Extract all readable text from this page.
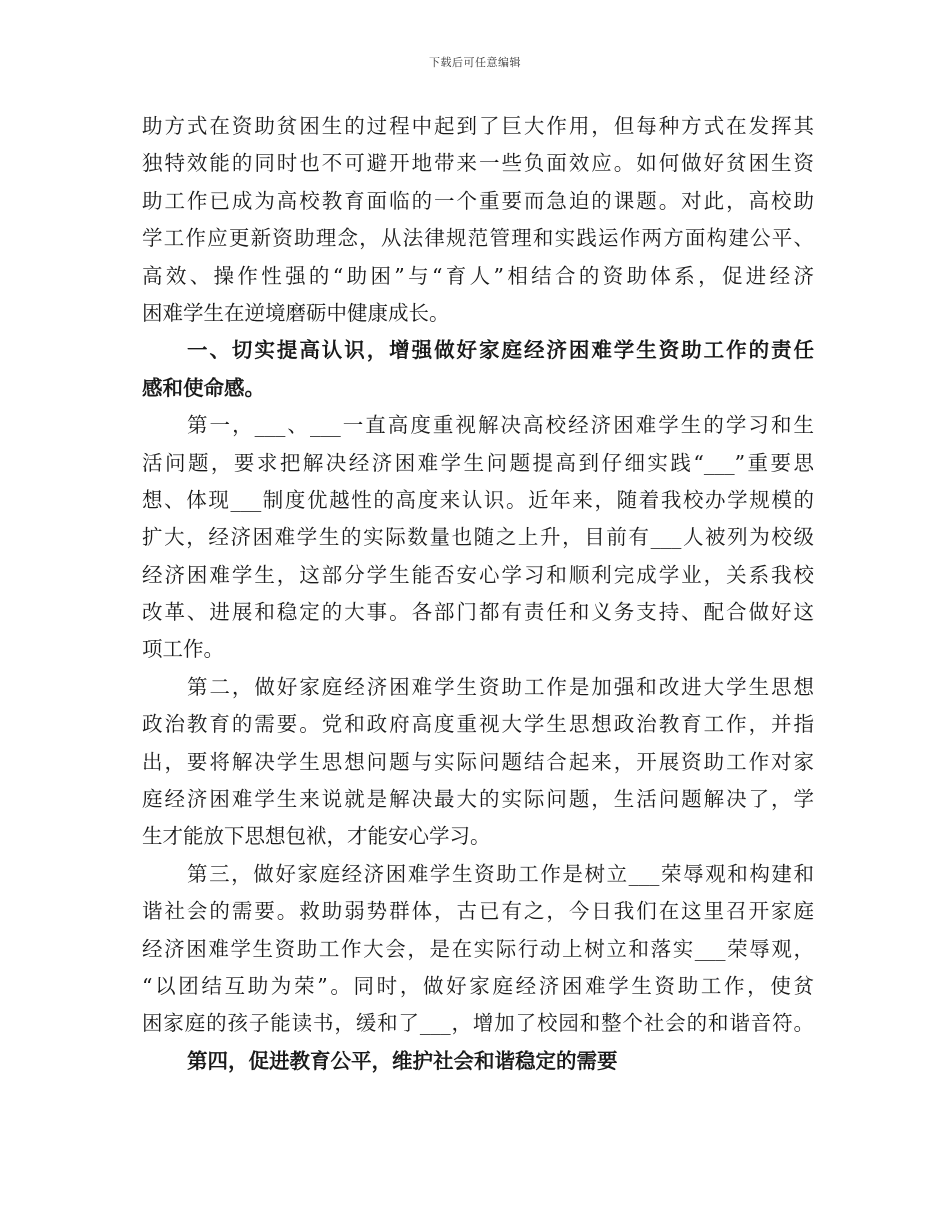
下载后可任意编辑
助方式在资助贫困生的过程中起到了巨大作用，但每种方式在发挥其
独特效能的同时也不可避开地带来一些负面效应。如何做好贫困生资
助工作已成为高校教育面临的一个重要而急迫的课题。对此，高校助
学工作应更新资助理念，从法律规范管理和实践运作两方面构建公平、
高效、操作性强的“助困”与“育人”相结合的资助体系，促进经济
困难学生在逆境磨砺中健康成长。
一、切实提高认识，增强做好家庭经济困难学生资助工作的责任
感和使命感。
第一，___、___一直高度重视解决高校经济困难学生的学习和生
活问题，要求把解决经济困难学生问题提高到仔细实践“___”重要思
想、体现___制度优越性的高度来认识。近年来，随着我校办学规模的
扩大，经济困难学生的实际数量也随之上升，目前有___人被列为校级
经济困难学生，这部分学生能否安心学习和顺利完成学业，关系我校
改革、进展和稳定的大事。各部门都有责任和义务支持、配合做好这
项工作。
第二，做好家庭经济困难学生资助工作是加强和改进大学生思想
政治教育的需要。党和政府高度重视大学生思想政治教育工作，并指
出，要将解决学生思想问题与实际问题结合起来，开展资助工作对家
庭经济困难学生来说就是解决最大的实际问题，生活问题解决了，学
生才能放下思想包袱，才能安心学习。
第三，做好家庭经济困难学生资助工作是树立___荣辱观和构建和
谐社会的需要。救助弱势群体，古已有之，今日我们在这里召开家庭
经济困难学生资助工作大会，是在实际行动上树立和落实___荣辱观，
“以团结互助为荣”。同时，做好家庭经济困难学生资助工作，使贫
困家庭的孩子能读书，缓和了___，增加了校园和整个社会的和谐音符。
第四，促进教育公平，维护社会和谐稳定的需要
